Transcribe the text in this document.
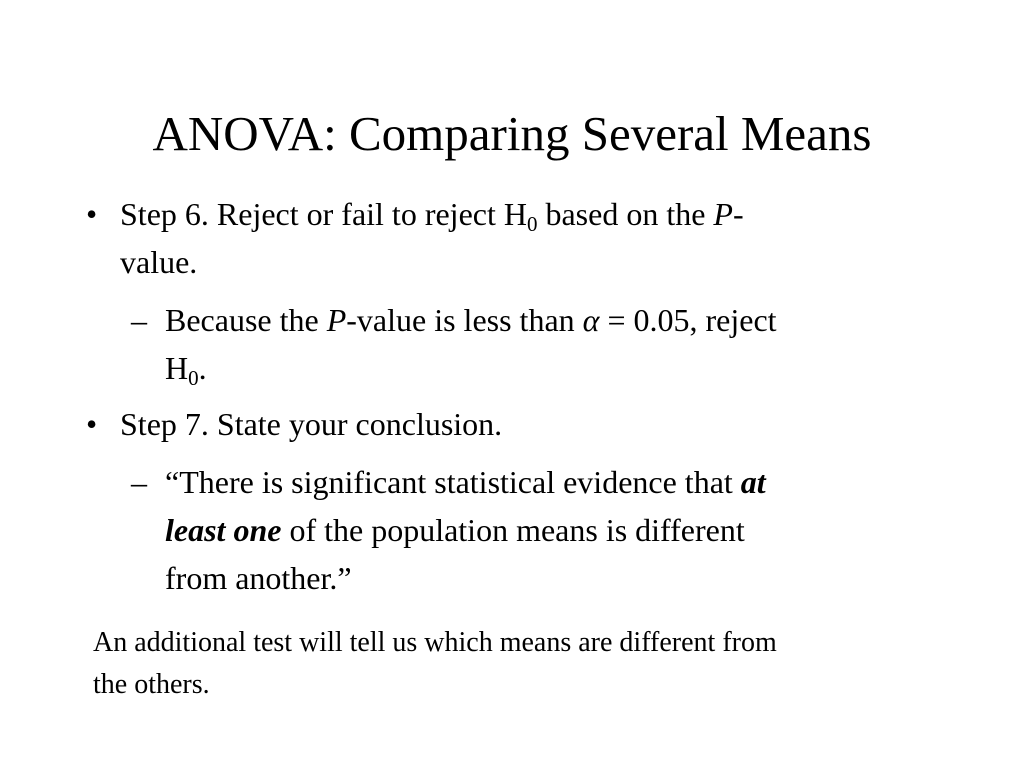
ANOVA: Comparing Several Means
• Step 6. Reject or fail to reject $H_0$ based on the P-
value.
– Because the P-value is less than α = 0.05, reject
$H_0$.
• Step 7. State your conclusion.
– “There is significant statistical evidence that at
least one of the population means is different
from another.”
An additional test will tell us which means are different from
the others.
